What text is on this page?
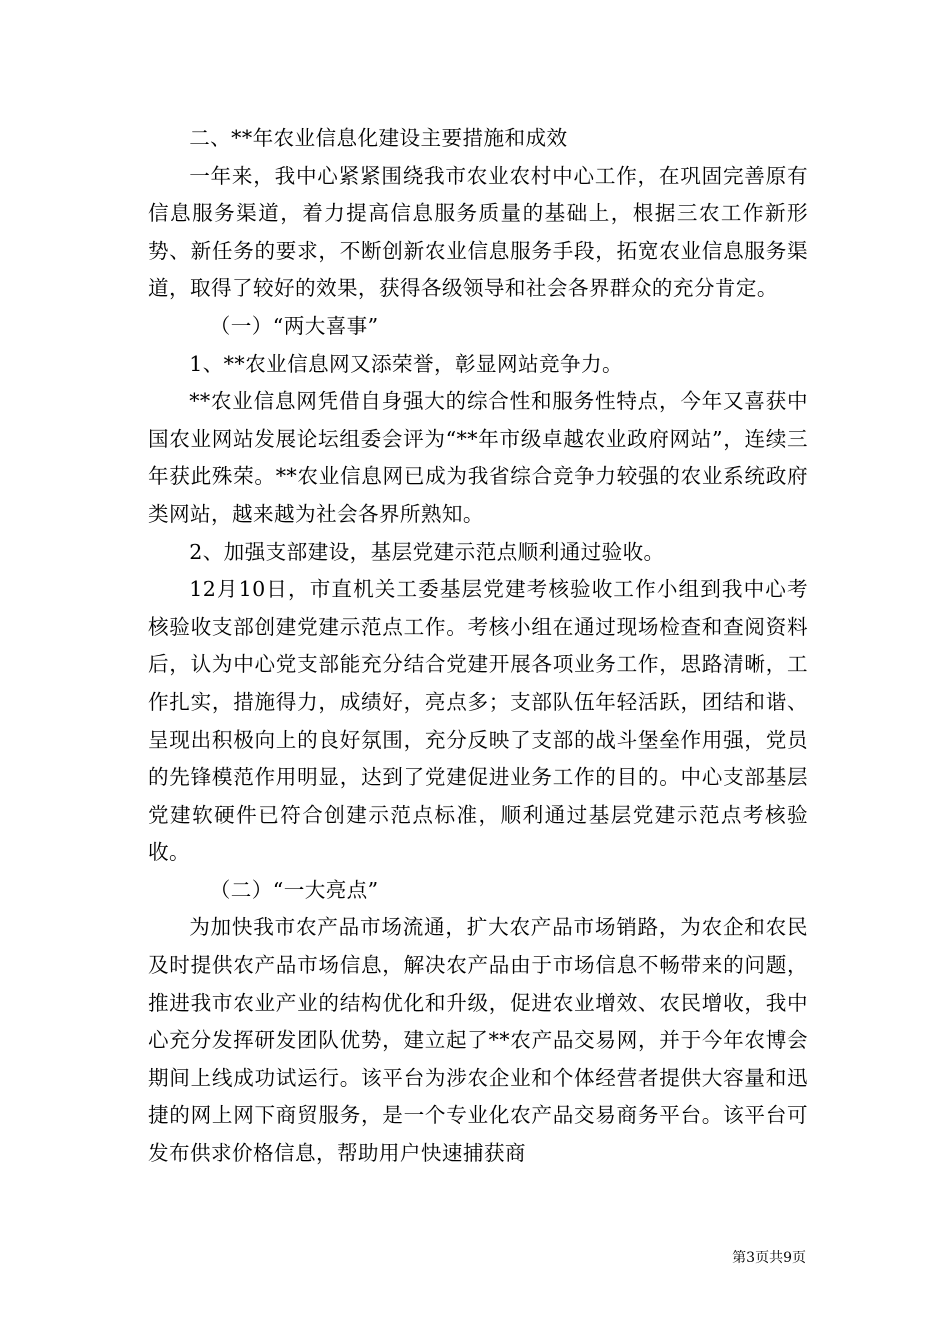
二、**年农业信息化建设主要措施和成效

一年来，我中心紧紧围绕我市农业农村中心工作，在巩固完善原有信息服务渠道，着力提高信息服务质量的基础上，根据三农工作新形势、新任务的要求，不断创新农业信息服务手段，拓宽农业信息服务渠道，取得了较好的效果，获得各级领导和社会各界群众的充分肯定。

（一）“两大喜事”

1、**农业信息网又添荣誉，彰显网站竞争力。

**农业信息网凭借自身强大的综合性和服务性特点，今年又喜获中国农业网站发展论坛组委会评为“**年市级卓越农业政府网站”，连续三年获此殊荣。**农业信息网已成为我省综合竞争力较强的农业系统政府类网站，越来越为社会各界所熟知。

2、加强支部建设，基层党建示范点顺利通过验收。

12月10日，市直机关工委基层党建考核验收工作小组到我中心考核验收支部创建党建示范点工作。考核小组在通过现场检查和查阅资料后，认为中心党支部能充分结合党建开展各项业务工作，思路清晰，工作扎实，措施得力，成绩好，亮点多；支部队伍年轻活跃，团结和谐、呈现出积极向上的良好氛围，充分反映了支部的战斗堡垒作用强，党员的先锋模范作用明显，达到了党建促进业务工作的目的。中心支部基层党建软硬件已符合创建示范点标准，顺利通过基层党建示范点考核验收。

（二）“一大亮点”

为加快我市农产品市场流通，扩大农产品市场销路，为农企和农民及时提供农产品市场信息，解决农产品由于市场信息不畅带来的问题，推进我市农业产业的结构优化和升级，促进农业增效、农民增收，我中心充分发挥研发团队优势，建立起了**农产品交易网，并于今年农博会期间上线成功试运行。该平台为涉农企业和个体经营者提供大容量和迅捷的网上网下商贸服务，是一个专业化农产品交易商务平台。该平台可发布供求价格信息，帮助用户快速捕获商

第3页共9页
